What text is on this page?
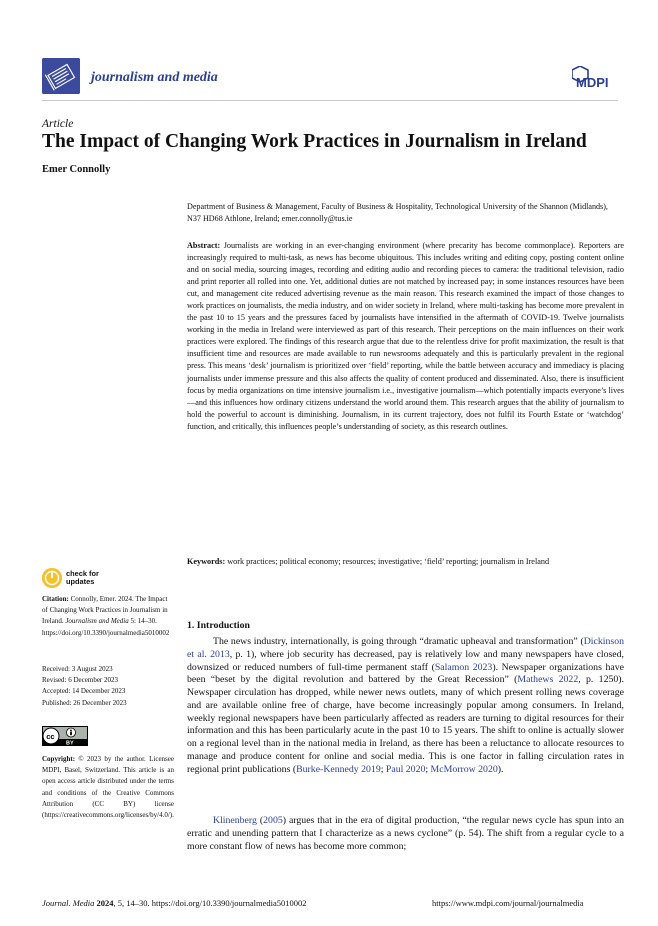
journalism and media	MDPI
Article
The Impact of Changing Work Practices in Journalism in Ireland
Emer Connolly
Department of Business & Management, Faculty of Business & Hospitality, Technological University of the Shannon (Midlands), N37 HD68 Athlone, Ireland; emer.connolly@tus.ie
Abstract: Journalists are working in an ever-changing environment (where precarity has become commonplace). Reporters are increasingly required to multi-task, as news has become ubiquitous. This includes writing and editing copy, posting content online and on social media, sourcing images, recording and editing audio and recording pieces to camera: the traditional television, radio and print reporter all rolled into one. Yet, additional duties are not matched by increased pay; in some instances resources have been cut, and management cite reduced advertising revenue as the main reason. This research examined the impact of those changes to work practices on journalists, the media industry, and on wider society in Ireland, where multi-tasking has become more prevalent in the past 10 to 15 years and the pressures faced by journalists have intensified in the aftermath of COVID-19. Twelve journalists working in the media in Ireland were interviewed as part of this research. Their perceptions on the main influences on their work practices were explored. The findings of this research argue that due to the relentless drive for profit maximization, the result is that insufficient time and resources are made available to run newsrooms adequately and this is particularly prevalent in the regional press. This means ‘desk’ journalism is prioritized over ‘field’ reporting, while the battle between accuracy and immediacy is placing journalists under immense pressure and this also affects the quality of content produced and disseminated. Also, there is insufficient focus by media organizations on time intensive journalism i.e., investigative journalism—which potentially impacts everyone’s lives—and this influences how ordinary citizens understand the world around them. This research argues that the ability of journalism to hold the powerful to account is diminishing. Journalism, in its current trajectory, does not fulfil its Fourth Estate or ‘watchdog’ function, and critically, this influences people’s understanding of society, as this research outlines.
Keywords: work practices; political economy; resources; investigative; ‘field’ reporting; journalism in Ireland
check for
updates
Citation: Connolly, Emer. 2024. The Impact of Changing Work Practices in Journalism in Ireland. Journalism and Media 5: 14–30. https://doi.org/10.3390/journalmedia5010002
Received: 3 August 2023
Revised: 6 December 2023
Accepted: 14 December 2023
Published: 26 December 2023
cc
BY
Copyright: © 2023 by the author. Licensee MDPI, Basel, Switzerland. This article is an open access article distributed under the terms and conditions of the Creative Commons Attribution (CC BY) license (https://creativecommons.org/licenses/by/4.0/).
1. Introduction
The news industry, internationally, is going through “dramatic upheaval and transformation” (Dickinson et al. 2013, p. 1), where job security has decreased, pay is relatively low and many newspapers have closed, downsized or reduced numbers of full-time permanent staff (Salamon 2023). Newspaper organizations have been “beset by the digital revolution and battered by the Great Recession” (Mathews 2022, p. 1250). Newspaper circulation has dropped, while newer news outlets, many of which present rolling news coverage and are available online free of charge, have become increasingly popular among consumers. In Ireland, weekly regional newspapers have been particularly affected as readers are turning to digital resources for their information and this has been particularly acute in the past 10 to 15 years. The shift to online is actually slower on a regional level than in the national media in Ireland, as there has been a reluctance to allocate resources to manage and produce content for online and social media. This is one factor in falling circulation rates in regional print publications (Burke-Kennedy 2019; Paul 2020; McMorrow 2020).
Klinenberg (2005) argues that in the era of digital production, “the regular news cycle has spun into an erratic and unending pattern that I characterize as a news cyclone” (p. 54). The shift from a regular cycle to a more constant flow of news has become more common;
Journal. Media 2024, 5, 14–30. https://doi.org/10.3390/journalmedia5010002	https://www.mdpi.com/journal/journalmedia
